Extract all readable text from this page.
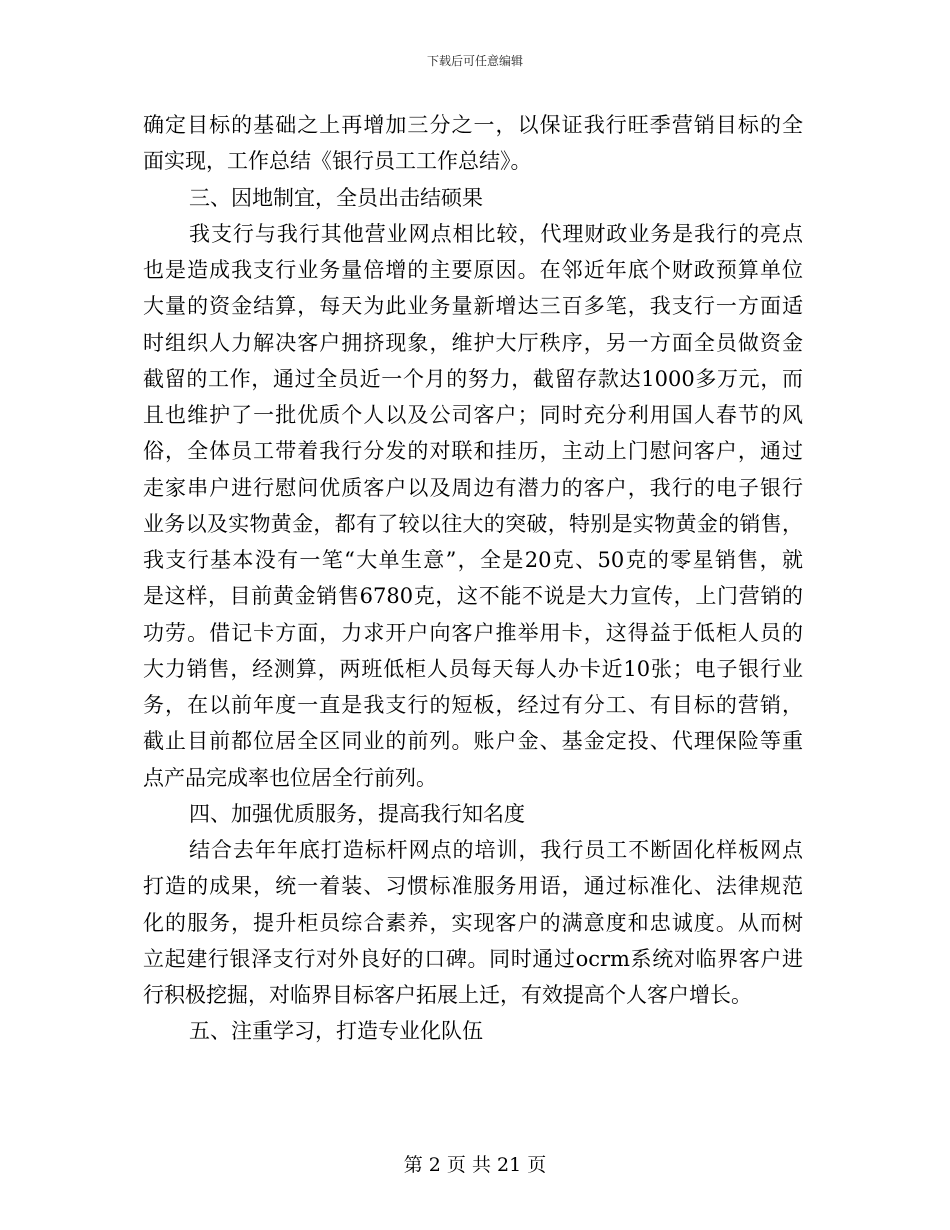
下载后可任意编辑
确定目标的基础之上再增加三分之一，以保证我行旺季营销目标的全
面实现，工作总结《银行员工工作总结》。
三、因地制宜，全员出击结硕果
我支行与我行其他营业网点相比较，代理财政业务是我行的亮点
也是造成我支行业务量倍增的主要原因。在邻近年底个财政预算单位
大量的资金结算，每天为此业务量新增达三百多笔，我支行一方面适
时组织人力解决客户拥挤现象，维护大厅秩序，另一方面全员做资金
截留的工作，通过全员近一个月的努力，截留存款达1000多万元，而
且也维护了一批优质个人以及公司客户；同时充分利用国人春节的风
俗，全体员工带着我行分发的对联和挂历，主动上门慰问客户，通过
走家串户进行慰问优质客户以及周边有潜力的客户，我行的电子银行
业务以及实物黄金，都有了较以往大的突破，特别是实物黄金的销售，
我支行基本没有一笔“大单生意”，全是20克、50克的零星销售，就
是这样，目前黄金销售6780克，这不能不说是大力宣传，上门营销的
功劳。借记卡方面，力求开户向客户推举用卡，这得益于低柜人员的
大力销售，经测算，两班低柜人员每天每人办卡近10张；电子银行业
务，在以前年度一直是我支行的短板，经过有分工、有目标的营销，
截止目前都位居全区同业的前列。账户金、基金定投、代理保险等重
点产品完成率也位居全行前列。
四、加强优质服务，提高我行知名度
结合去年年底打造标杆网点的培训，我行员工不断固化样板网点
打造的成果，统一着装、习惯标准服务用语，通过标准化、法律规范
化的服务，提升柜员综合素养，实现客户的满意度和忠诚度。从而树
立起建行银泽支行对外良好的口碑。同时通过ocrm系统对临界客户进
行积极挖掘，对临界目标客户拓展上迁，有效提高个人客户增长。
五、注重学习，打造专业化队伍
第 2 页 共 21 页
